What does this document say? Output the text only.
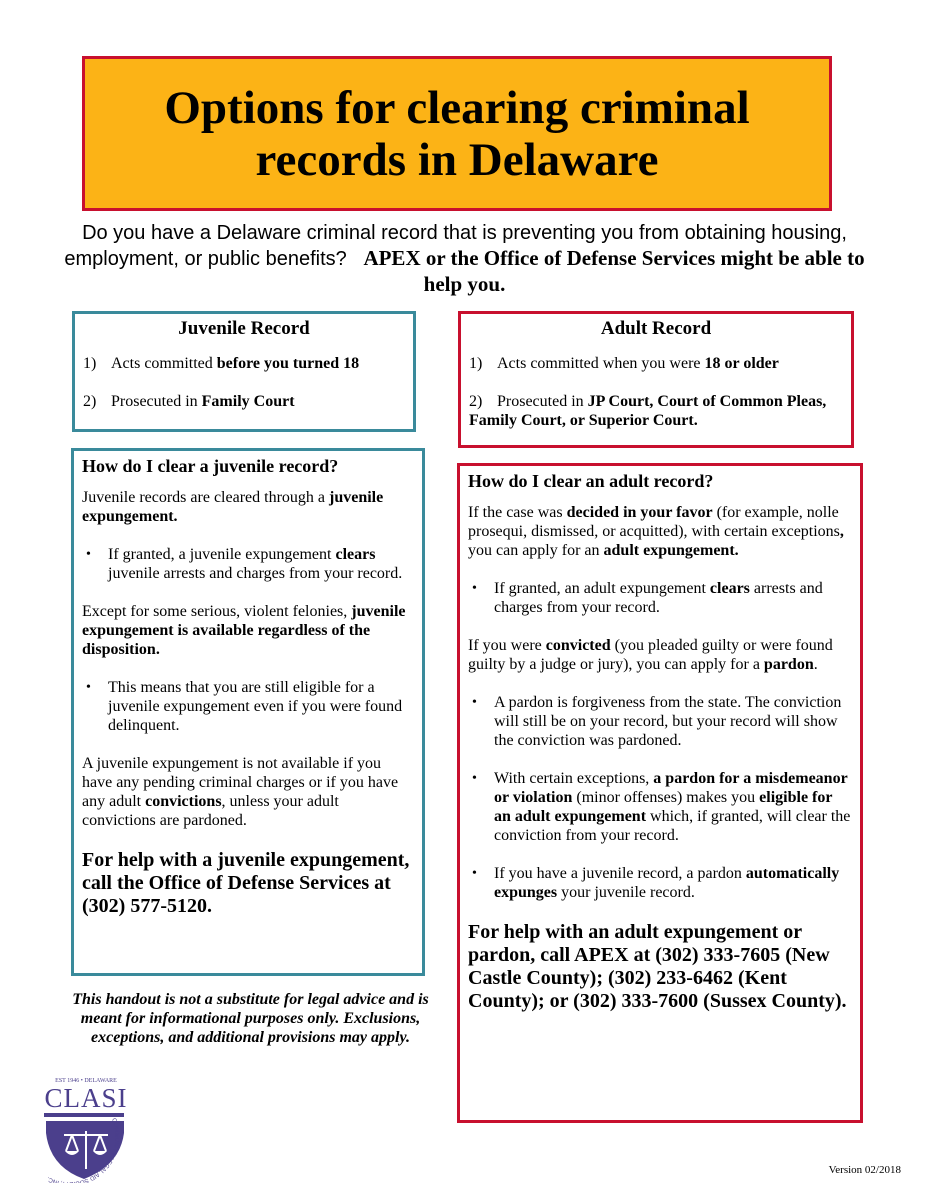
Options for clearing criminal records in Delaware
Do you have a Delaware criminal record that is preventing you from obtaining housing, employment, or public benefits? APEX or the Office of Defense Services might be able to help you.
Juvenile Record
1) Acts committed before you turned 18
2) Prosecuted in Family Court
Adult Record
1) Acts committed when you were 18 or older
2) Prosecuted in JP Court, Court of Common Pleas, Family Court, or Superior Court.
How do I clear a juvenile record?

Juvenile records are cleared through a juvenile expungement.

• If granted, a juvenile expungement clears juvenile arrests and charges from your record.

Except for some serious, violent felonies, juvenile expungement is available regardless of the disposition.

• This means that you are still eligible for a juvenile expungement even if you were found delinquent.

A juvenile expungement is not available if you have any pending criminal charges or if you have any adult convictions, unless your adult convictions are pardoned.

For help with a juvenile expungement, call the Office of Defense Services at (302) 577-5120.
How do I clear an adult record?

If the case was decided in your favor (for example, nolle prosequi, dismissed, or acquitted), with certain exceptions, you can apply for an adult expungement.

• If granted, an adult expungement clears arrests and charges from your record.

If you were convicted (you pleaded guilty or were found guilty by a judge or jury), you can apply for a pardon.

• A pardon is forgiveness from the state. The conviction will still be on your record, but your record will show the conviction was pardoned.
• With certain exceptions, a pardon for a misdemeanor or violation (minor offenses) makes you eligible for an adult expungement which, if granted, will clear the conviction from your record.
• If you have a juvenile record, a pardon automatically expunges your juvenile record.
For help with an adult expungement or pardon, call APEX at (302) 333-7605 (New Castle County); (302) 233-6462 (Kent County); or (302) 333-7600 (Sussex County).
This handout is not a substitute for legal advice and is meant for informational purposes only. Exclusions, exceptions, and additional provisions may apply.
EST 1946 • DELAWARE
CLASI
COMMUNITY LEGAL AID SOCI Y, INC.
Version 02/2018
